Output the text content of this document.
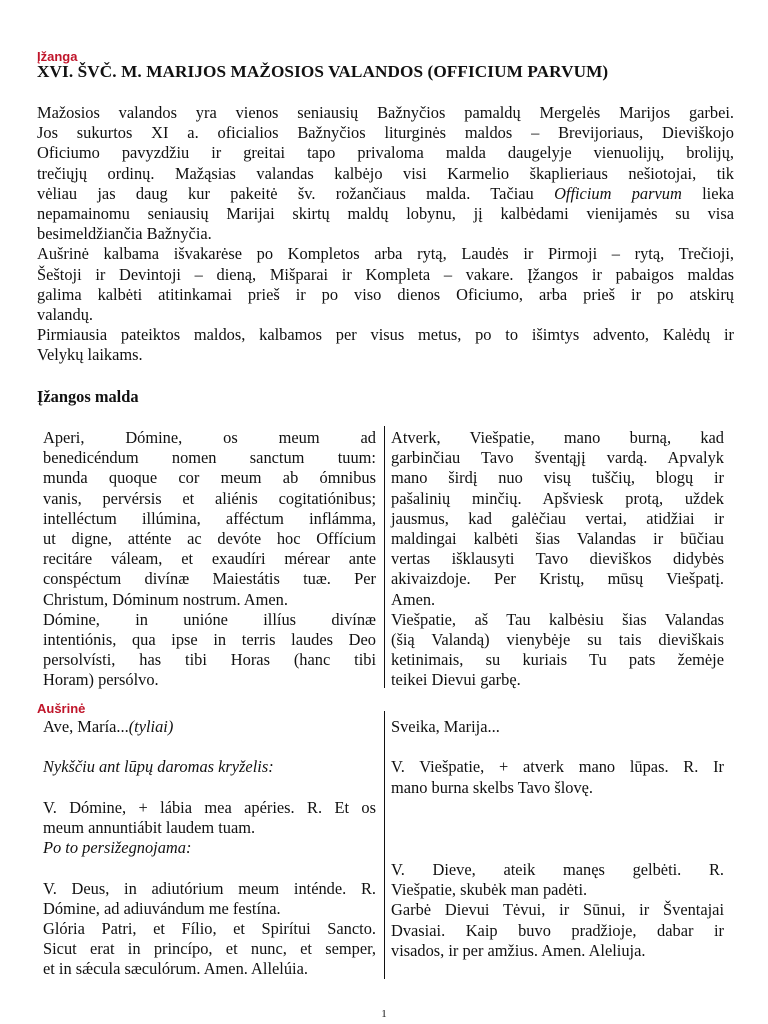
Įžanga
XVI. ŠVČ. M. MARIJOS MAŽOSIOS VALANDOS (OFFICIUM PARVUM)

Mažosios valandos yra vienos seniausių Bažnyčios pamaldų Mergelės Marijos garbei.
Jos sukurtos XI a. oficialios Bažnyčios liturginės maldos – Brevijoriaus, Dieviškojo
Oficiumo pavyzdžiu ir greitai tapo privaloma malda daugelyje vienuolijų, brolijų,
trečiųjų ordinų. Mažąsias valandas kalbėjo visi Karmelio škaplieriaus nešiotojai, tik
vėliau jas daug kur pakeitė šv. rožančiaus malda. Tačiau Officium parvum lieka
nepamainomu seniausių Marijai skirtų maldų lobynu, jį kalbėdami vienijamės su visa
besimeldžiančia Bažnyčia.

Aušrinė kalbama išvakarėse po Kompletos arba rytą, Laudės ir Pirmoji – rytą, Trečioji,
Šeštoji ir Devintoji – dieną, Mišparai ir Kompleta – vakare. Įžangos ir pabaigos maldas
galima kalbėti atitinkamai prieš ir po viso dienos Oficiumo, arba prieš ir po atskirų
valandų.

Pirmiausia pateiktos maldos, kalbamos per visus metus, po to išimtys advento, Kalėdų ir
Velykų laikams.

Įžangos malda
Aperi, Dómine, os meum ad
benedicéndum nomen sanctum tuum:
munda quoque cor meum ab ómnibus
vanis, pervérsis et aliénis cogitatiónibus;
intelléctum illúmina, afféctum inflámma,
ut digne, atténte ac devóte hoc Offícium
recitáre váleam, et exaudíri mérear ante
conspéctum divínæ Maiestátis tuæ. Per
Christum, Dóminum nostrum. Amen.
Dómine, in unióne illíus divínæ
intentiónis, qua ipse in terris laudes Deo
persolvísti, has tibi Horas (hanc tibi
Horam) persólvo.
Atverk, Viešpatie, mano burną, kad
garbinčiau Tavo šventąjį vardą. Apvalyk
mano širdį nuo visų tuščių, blogų ir
pašalinių minčių. Apšviesk protą, uždek
jausmus, kad galėčiau vertai, atidžiai ir
maldingai kalbėti šias Valandas ir būčiau
vertas išklausyti Tavo dieviškos didybės
akivaizdoje. Per Kristų, mūsų Viešpatį.
Amen.
Viešpatie, aš Tau kalbėsiu šias Valandas
(šią Valandą) vienybėje su tais dieviškais
ketinimais, su kuriais Tu pats žemėje
teikei Dievui garbę.
Aušrinė
Ave, María...(tyliai)
Nykščiu ant lūpų daromas kryželis:
V. Dómine, + lábia mea apéries. R. Et os
meum annuntiábit laudem tuam.
Po to persižegnojama:
V. Deus, in adiutórium meum inténde. R.
Dómine, ad adiuvándum me festína.
Glória Patri, et Fílio, et Spirítui Sancto.
Sicut erat in princípo, et nunc, et semper,
et in sǽcula sæculórum. Amen. Allelúia.
Sveika, Marija...
V. Viešpatie, + atverk mano lūpas. R. Ir
mano burna skelbs Tavo šlovę.
V. Dieve, ateik manęs gelbėti. R.
Viešpatie, skubėk man padėti.
Garbė Dievui Tėvui, ir Sūnui, ir Šventajai
Dvasiai. Kaip buvo pradžioje, dabar ir
visados, ir per amžius. Amen. Aleliuja.
1
